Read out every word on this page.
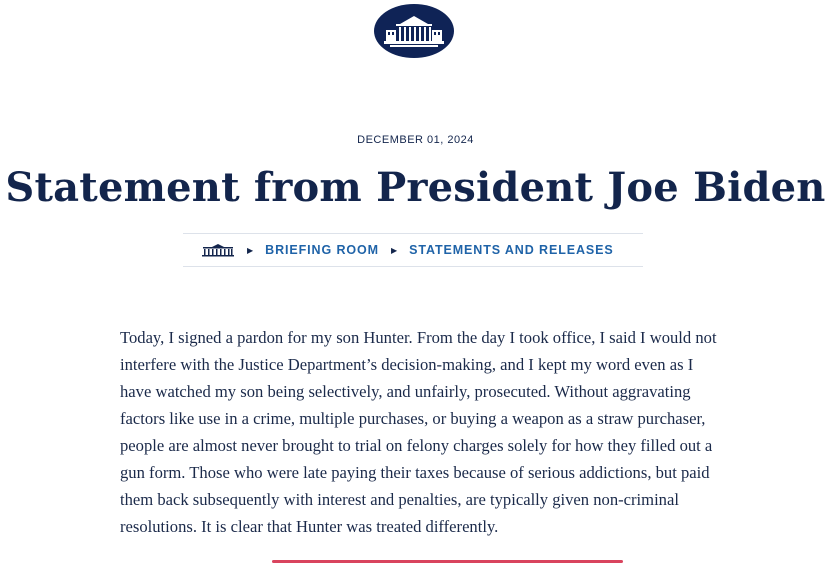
DECEMBER 01, 2024
Statement from President Joe Biden
▶ BRIEFING ROOM ▶ STATEMENTS AND RELEASES
Today, I signed a pardon for my son Hunter. From the day I took office, I said I would not interfere with the Justice Department’s decision-making, and I kept my word even as I have watched my son being selectively, and unfairly, prosecuted. Without aggravating factors like use in a crime, multiple purchases, or buying a weapon as a straw purchaser, people are almost never brought to trial on felony charges solely for how they filled out a gun form. Those who were late paying their taxes because of serious addictions, but paid them back subsequently with interest and penalties, are typically given non-criminal resolutions. It is clear that Hunter was treated differently.
